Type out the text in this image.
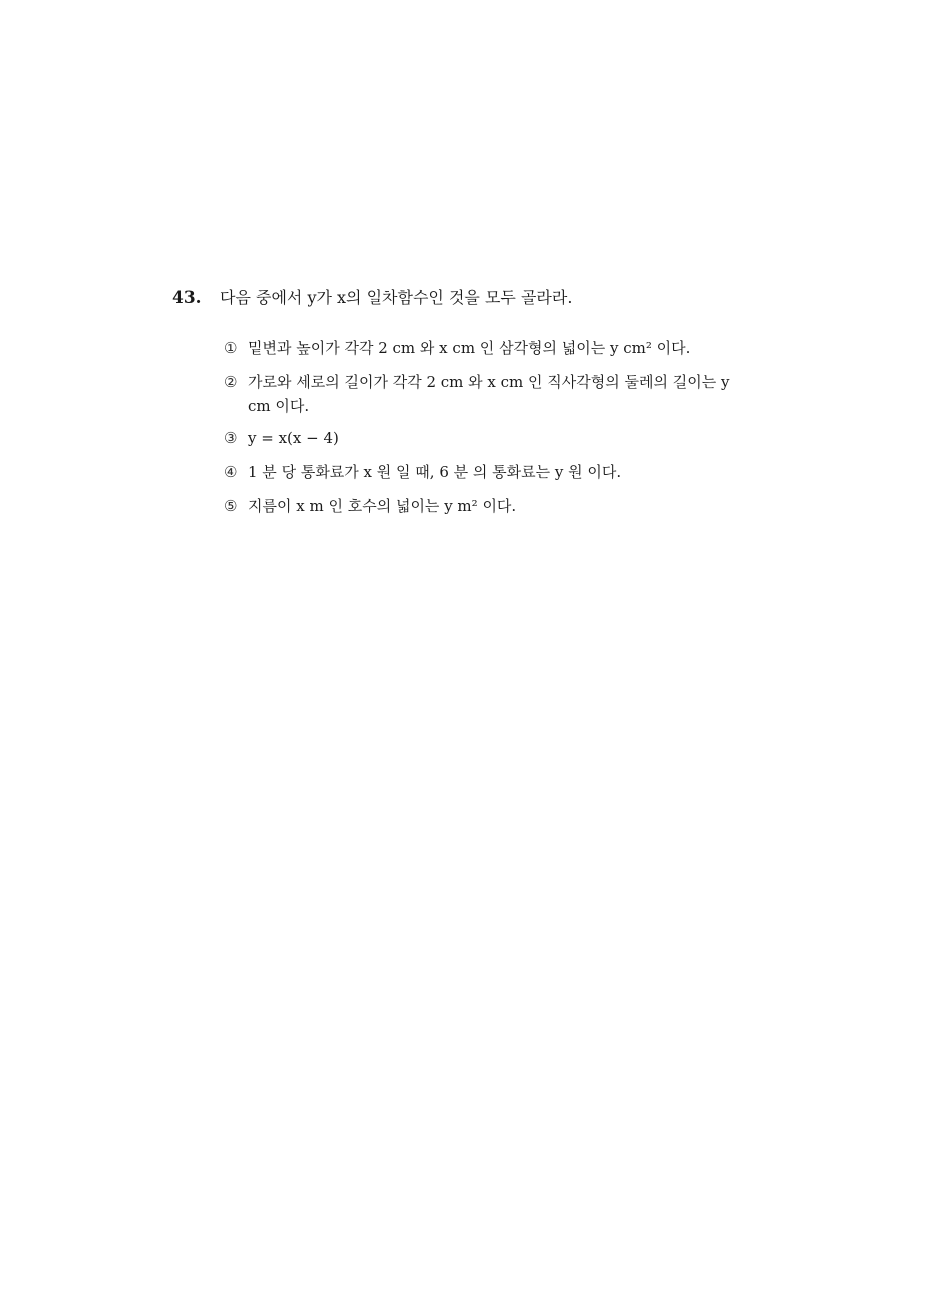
43.	다음 중에서 y가 x의 일차함수인 것을 모두 골라라.
① 밑변과 높이가 각각 2 cm 와 x cm 인 삼각형의 넓이는 y cm² 이다.
② 가로와 세로의 길이가 각각 2 cm 와 x cm 인 직사각형의 둘레의 길이는 y cm 이다.
③ y = x(x − 4)
④ 1 분 당 통화료가 x 원 일 때, 6 분 의 통화료는 y 원 이다.
⑤ 지름이 x m 인 호수의 넓이는 y m² 이다.
